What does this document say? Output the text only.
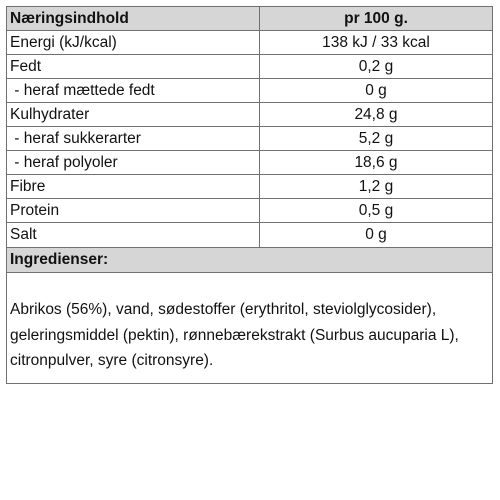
Næringsindhold	pr 100 g.
Energi (kJ/kcal)	138 kJ / 33 kcal
Fedt	0,2 g
- heraf mættede fedt	0 g
Kulhydrater	24,8 g
- heraf sukkerarter	5,2 g
- heraf polyoler	18,6 g
Fibre	1,2 g
Protein	0,5 g
Salt	0 g
Ingredienser:
Abrikos (56%), vand, sødestoffer (erythritol, steviolglycosider), geleringsmiddel (pektin), rønnebærekstrakt (Surbus aucuparia L), citronpulver, syre (citronsyre).
